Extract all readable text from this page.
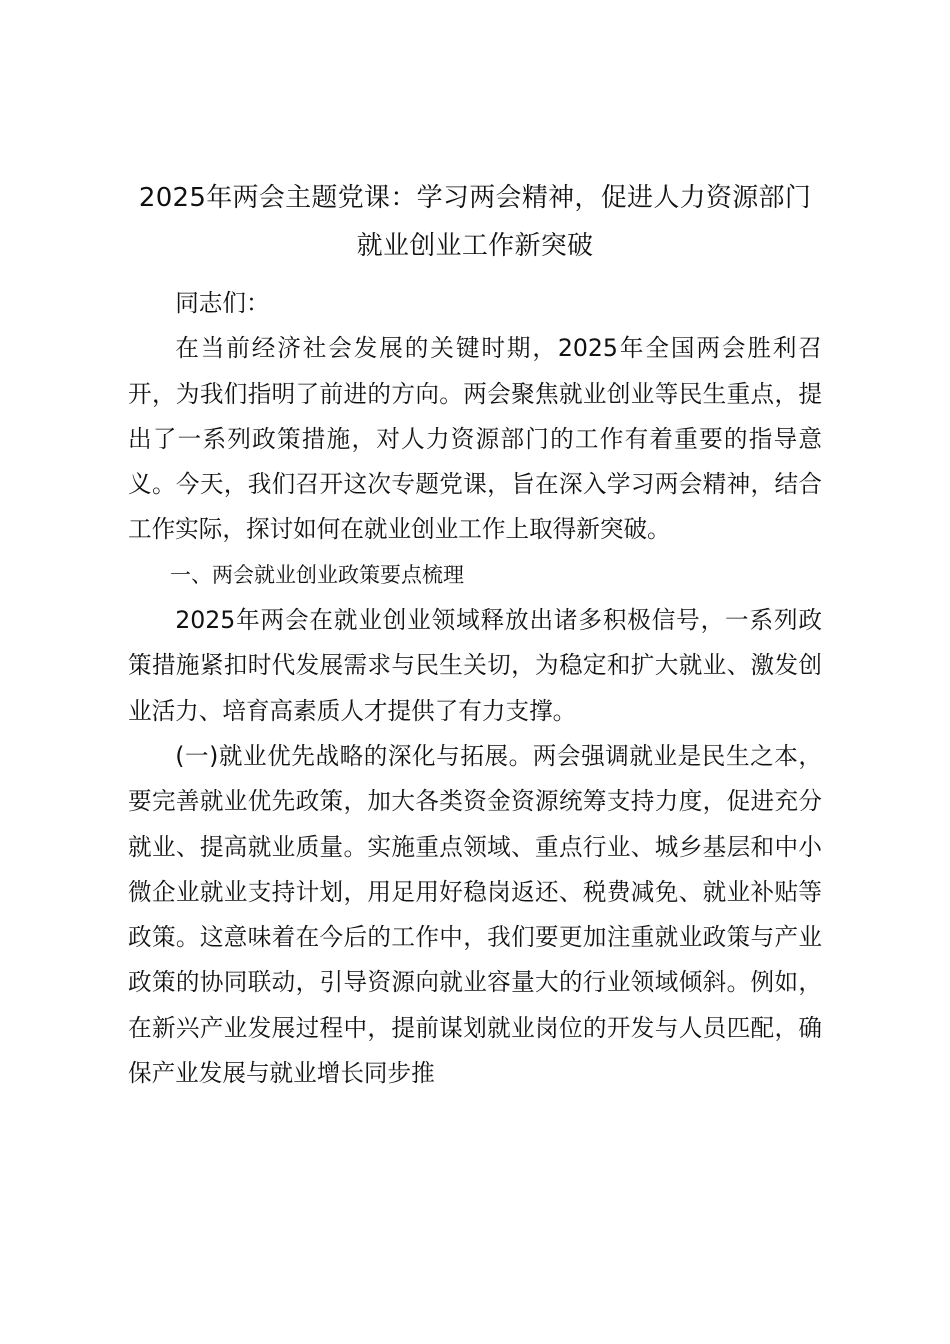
2025年两会主题党课：学习两会精神，促进人力资源部门就业创业工作新突破

同志们：

在当前经济社会发展的关键时期，2025年全国两会胜利召开，为我们指明了前进的方向。两会聚焦就业创业等民生重点，提出了一系列政策措施，对人力资源部门的工作有着重要的指导意义。今天，我们召开这次专题党课，旨在深入学习两会精神，结合工作实际，探讨如何在就业创业工作上取得新突破。

一、两会就业创业政策要点梳理

2025年两会在就业创业领域释放出诸多积极信号，一系列政策措施紧扣时代发展需求与民生关切，为稳定和扩大就业、激发创业活力、培育高素质人才提供了有力支撑。

(一)就业优先战略的深化与拓展。两会强调就业是民生之本，要完善就业优先政策，加大各类资金资源统筹支持力度，促进充分就业、提高就业质量。实施重点领域、重点行业、城乡基层和中小微企业就业支持计划，用足用好稳岗返还、税费减免、就业补贴等政策。这意味着在今后的工作中，我们要更加注重就业政策与产业政策的协同联动，引导资源向就业容量大的行业领域倾斜。例如，在新兴产业发展过程中，提前谋划就业岗位的开发与人员匹配，确保产业发展与就业增长同步推
